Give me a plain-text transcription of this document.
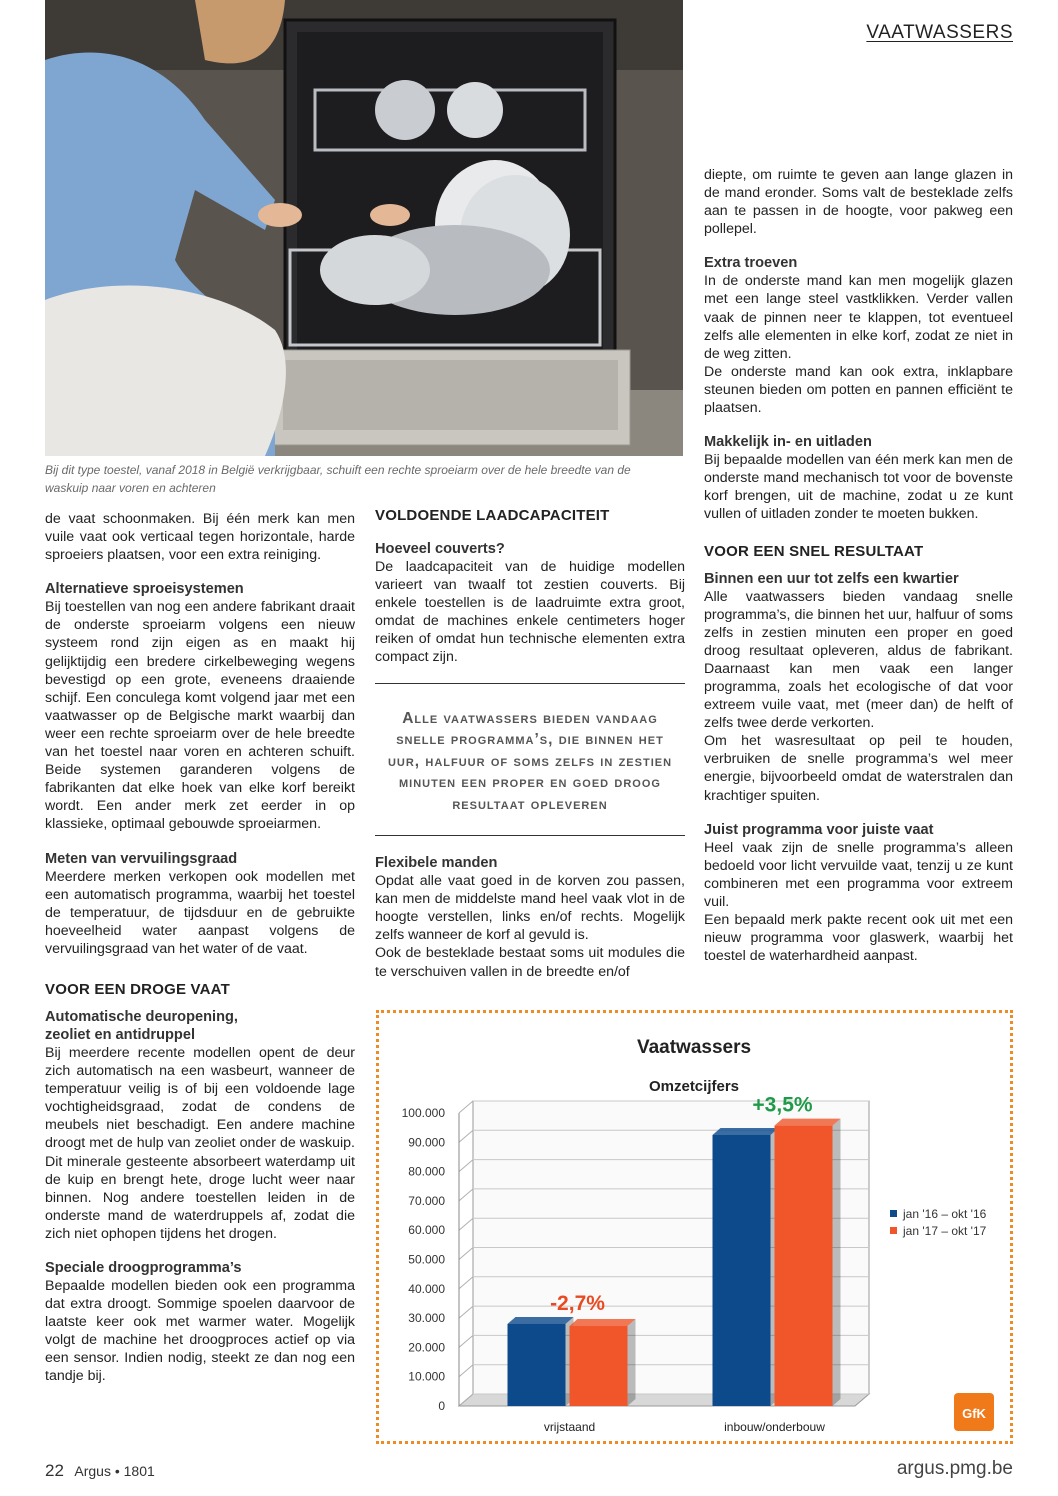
VAATWASSERS
Bij dit type toestel, vanaf 2018 in België verkrijgbaar, schuift een rechte sproeiarm over de hele breedte van de waskuip naar voren en achteren

de vaat schoonmaken. Bij één merk kan men vuile vaat ook verticaal tegen horizontale, harde sproeiers plaatsen, voor een extra reiniging.

Alternatieve sproeisystemen

Bij toestellen van nog een andere fabrikant draait de onderste sproeiarm volgens een nieuw systeem rond zijn eigen as en maakt hij gelijktijdig een bredere cirkelbeweging wegens bevestigd op een grote, eveneens draaiende schijf. Een conculega komt volgend jaar met een vaatwasser op de Belgische markt waarbij dan weer een rechte sproeiarm over de hele breedte van het toestel naar voren en achteren schuift. Beide systemen garanderen volgens de fabrikanten dat elke hoek van elke korf bereikt wordt. Een ander merk zet eerder in op klassieke, optimaal gebouwde sproeiarmen.

Meten van vervuilingsgraad

Meerdere merken verkopen ook modellen met een automatisch programma, waarbij het toestel de temperatuur, de tijdsduur en de gebruikte hoeveelheid water aanpast volgens de vervuilingsgraad van het water of de vaat.

VOOR EEN DROGE VAAT
Automatische deuropening, zeoliet en antidruppel

Bij meerdere recente modellen opent de deur zich automatisch na een wasbeurt, wanneer de temperatuur veilig is of bij een voldoende lage vochtigheidsgraad, zodat de condens de meubels niet beschadigt. Een andere machine droogt met de hulp van zeoliet onder de waskuip. Dit minerale gesteente absorbeert waterdamp uit de kuip en brengt hete, droge lucht weer naar binnen. Nog andere toestellen leiden in de onderste mand de waterdruppels af, zodat die zich niet ophopen tijdens het drogen.

Speciale droogprogramma’s

Bepaalde modellen bieden ook een programma dat extra droogt. Sommige spoelen daarvoor de laatste keer ook met warmer water. Mogelijk volgt de machine het droogproces actief op via een sensor. Indien nodig, steekt ze dan nog een tandje bij.

VOLDOENDE LAADCAPACITEIT
Hoeveel couverts?

De laadcapaciteit van de huidige modellen varieert van twaalf tot zestien couverts. Bij enkele toestellen is de laadruimte extra groot, omdat de machines enkele centimeters hoger reiken of omdat hun technische elementen extra compact zijn.

Alle vaatwassers bieden vandaag snelle programma’s, die binnen het uur, halfuur of soms zelfs in zestien minuten een proper en goed droog resultaat opleveren
Flexibele manden

Opdat alle vaat goed in de korven zou passen, kan men de middelste mand heel vaak vlot in de hoogte verstellen, links en/of rechts. Mogelijk zelfs wanneer de korf al gevuld is.

Ook de besteklade bestaat soms uit modules die te verschuiven vallen in de breedte en/of

diepte, om ruimte te geven aan lange glazen in de mand eronder. Soms valt de besteklade zelfs aan te passen in de hoogte, voor pakweg een pollepel.

Extra troeven

In de onderste mand kan men mogelijk glazen met een lange steel vastklikken. Verder vallen vaak de pinnen neer te klappen, tot eventueel zelfs alle elementen in elke korf, zodat ze niet in de weg zitten.

De onderste mand kan ook extra, inklapbare steunen bieden om potten en pannen efficiënt te plaatsen.

Makkelijk in- en uitladen

Bij bepaalde modellen van één merk kan men de onderste mand mechanisch tot voor de bovenste korf brengen, uit de machine, zodat u ze kunt vullen of uitladen zonder te moeten bukken.

VOOR EEN SNEL RESULTAAT
Binnen een uur tot zelfs een kwartier

Alle vaatwassers bieden vandaag snelle programma’s, die binnen het uur, halfuur of soms zelfs in zestien minuten een proper en goed droog resultaat opleveren, aldus de fabrikant. Daarnaast kan men vaak een langer programma, zoals het ecologische of dat voor extreem vuile vaat, met (meer dan) de helft of zelfs twee derde verkorten.

Om het wasresultaat op peil te houden, verbruiken de snelle programma’s wel meer energie, bijvoorbeeld omdat de waterstralen dan krachtiger spuiten.

Juist programma voor juiste vaat

Heel vaak zijn de snelle programma’s alleen bedoeld voor licht vervuilde vaat, tenzij u ze kunt combineren met een programma voor extreem vuil.

Een bepaald merk pakte recent ook uit met een nieuw programma voor glaswerk, waarbij het toestel de waterhardheid aanpast.

Vaatwassers
Omzetcijfers
0
10.000
20.000
30.000
40.000
50.000
60.000
70.000
80.000
90.000
100.000
vrijstaand
-2,7%
inbouw/onderbouw
+3,5%
jan '16 – okt '16
jan '17 – okt '17
GfK
22 Argus • 1801	argus.pmg.be
